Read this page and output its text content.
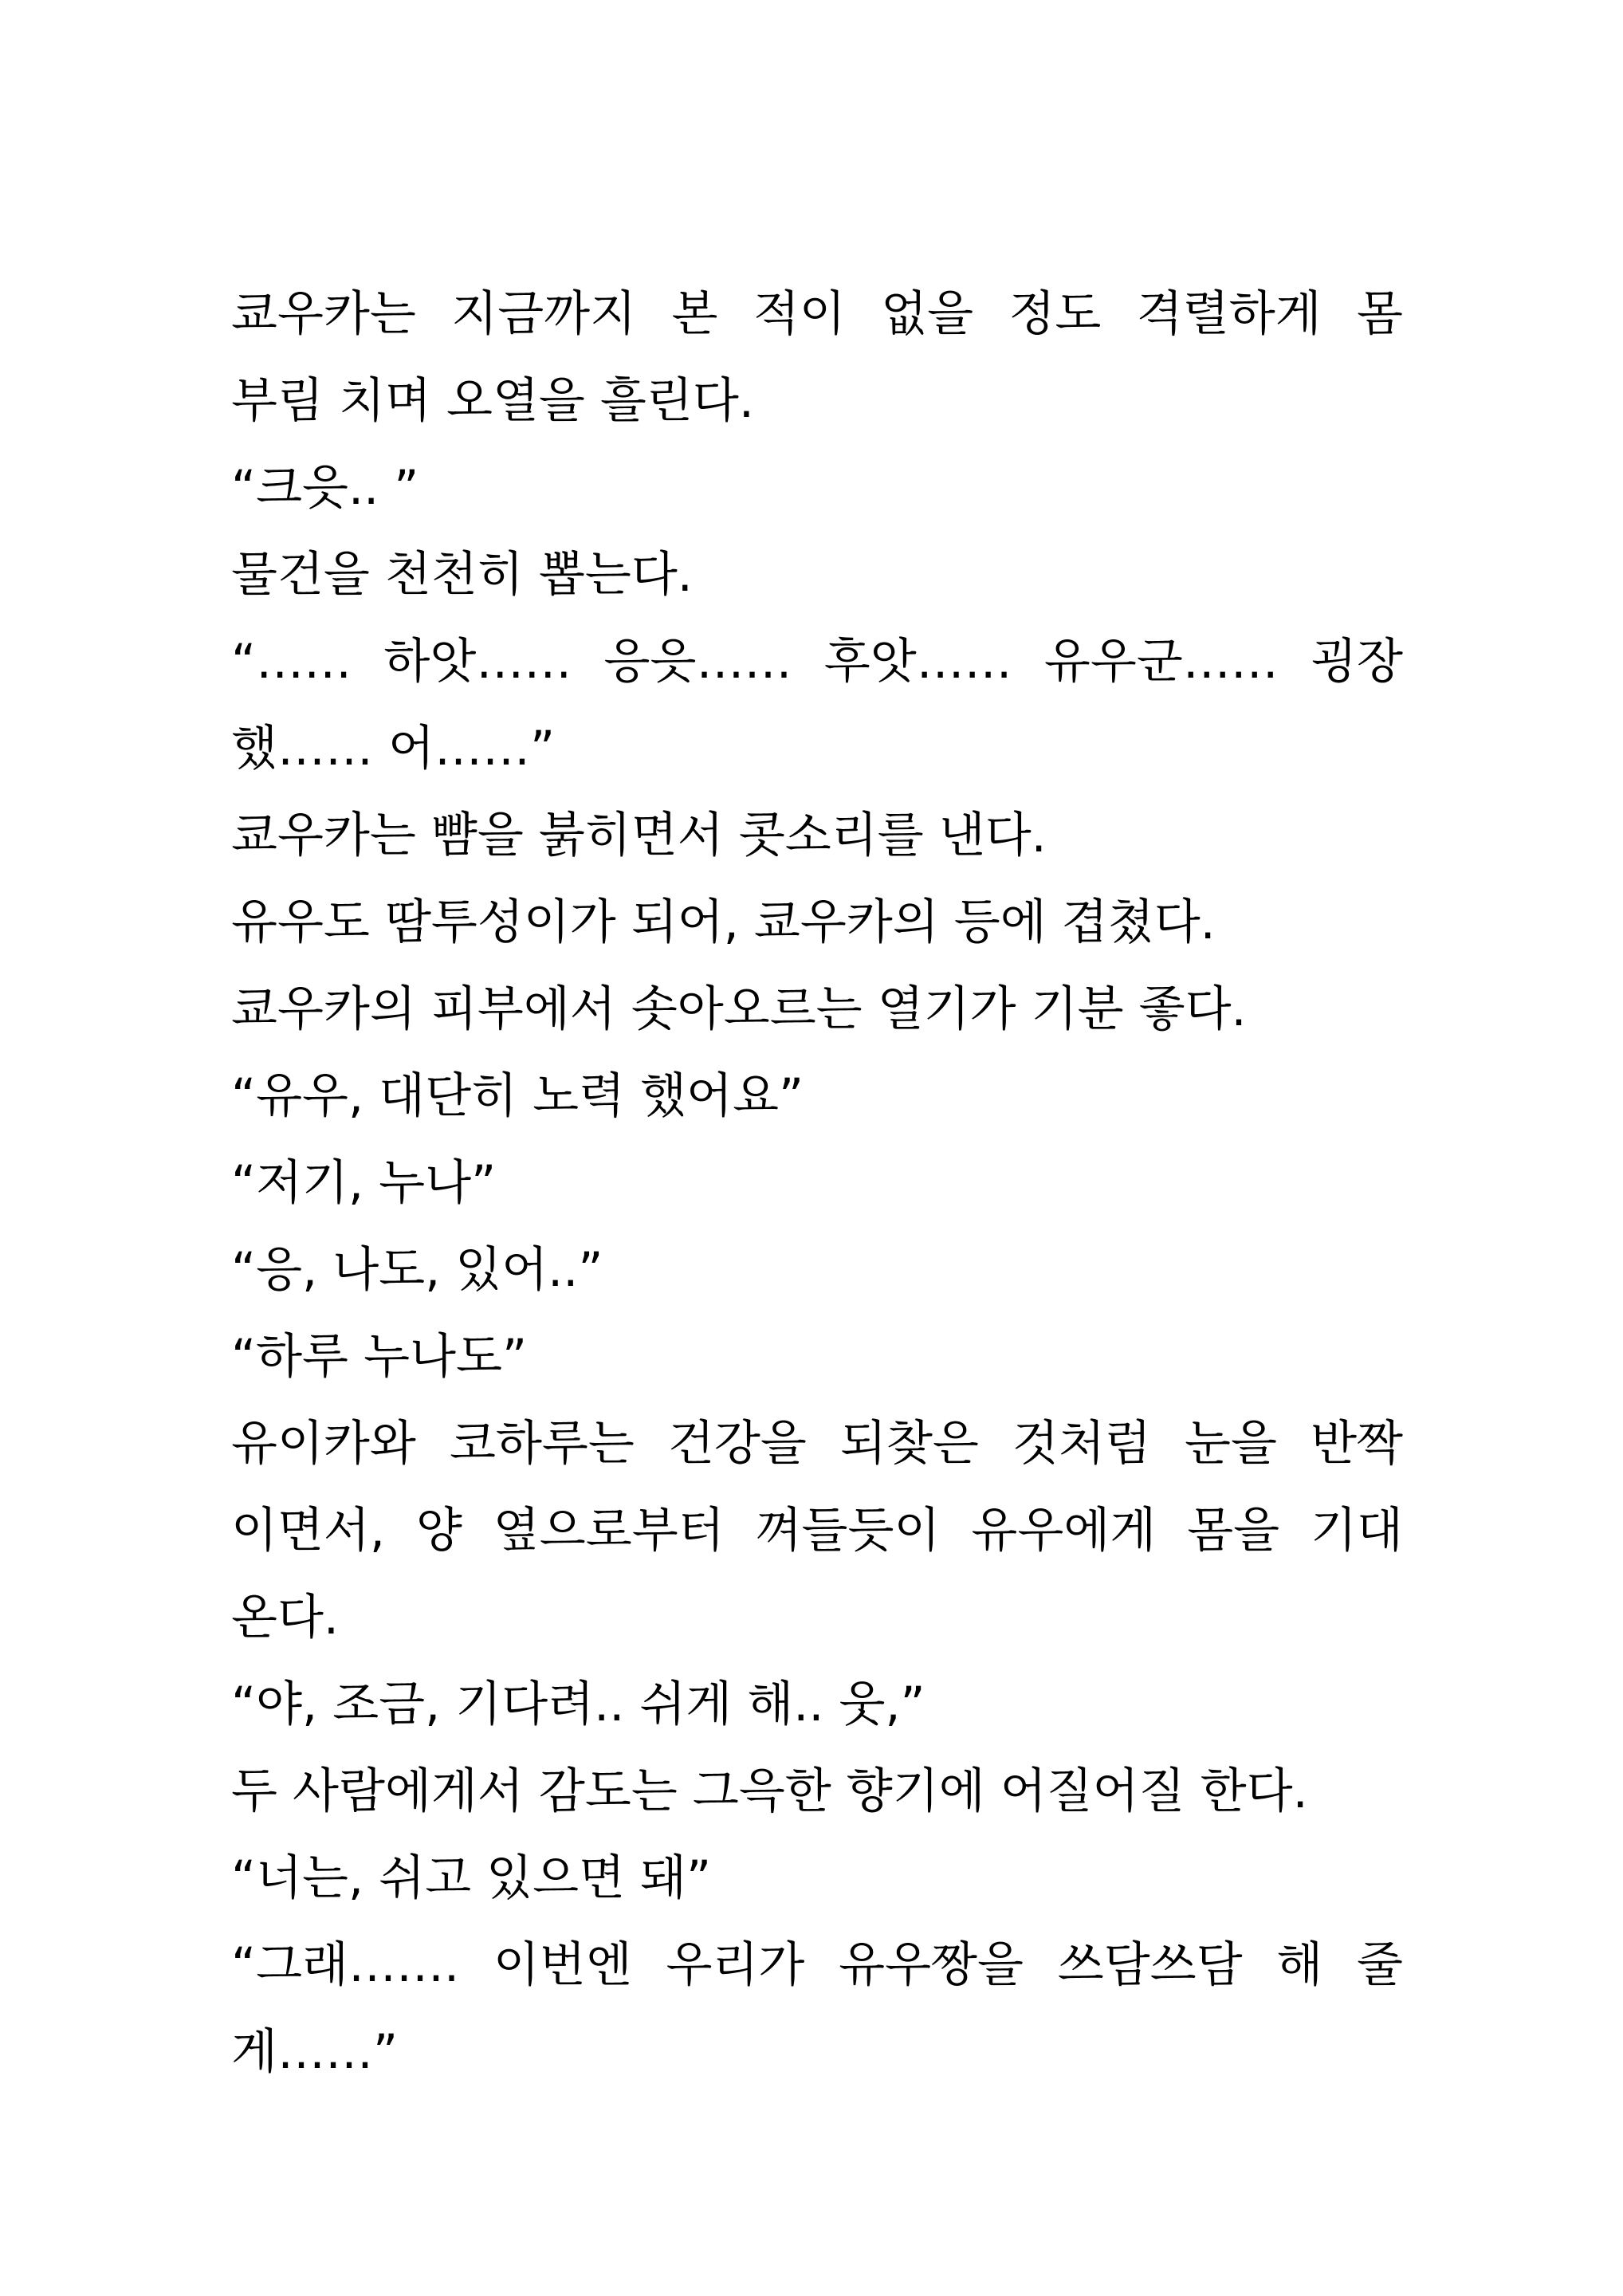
쿄우카는 지금까지 본 적이 없을 정도 격렬하게 몸
부림 치며 오열을 흘린다.

“크읏.. ”

물건을 천천히 뽑는다.

“…… 하앗…… 응읏…… 후앗…… 유우군…… 굉장
했…… 어……”

쿄우카는 뺨을 붉히면서 콧소리를 낸다.

유우도 땀투성이가 되어, 쿄우카의 등에 겹쳤다.

쿄우카의 피부에서 솟아오르는 열기가 기분 좋다.

“유우, 대단히 노력 했어요”

“저기, 누나”

“응, 나도, 있어..”

“하루 누나도”

유이카와 코하루는 건강을 되찾은 것처럼 눈을 반짝
이면서, 양 옆으로부터 껴들듯이 유우에게 몸을 기대
온다.

“야, 조금, 기다려.. 쉬게 해.. 웃,”

두 사람에게서 감도는 그윽한 향기에 어질어질 한다.

“너는, 쉬고 있으면 돼”

“그래……. 이번엔 우리가 유우짱을 쓰담쓰담 해 줄
게……”
